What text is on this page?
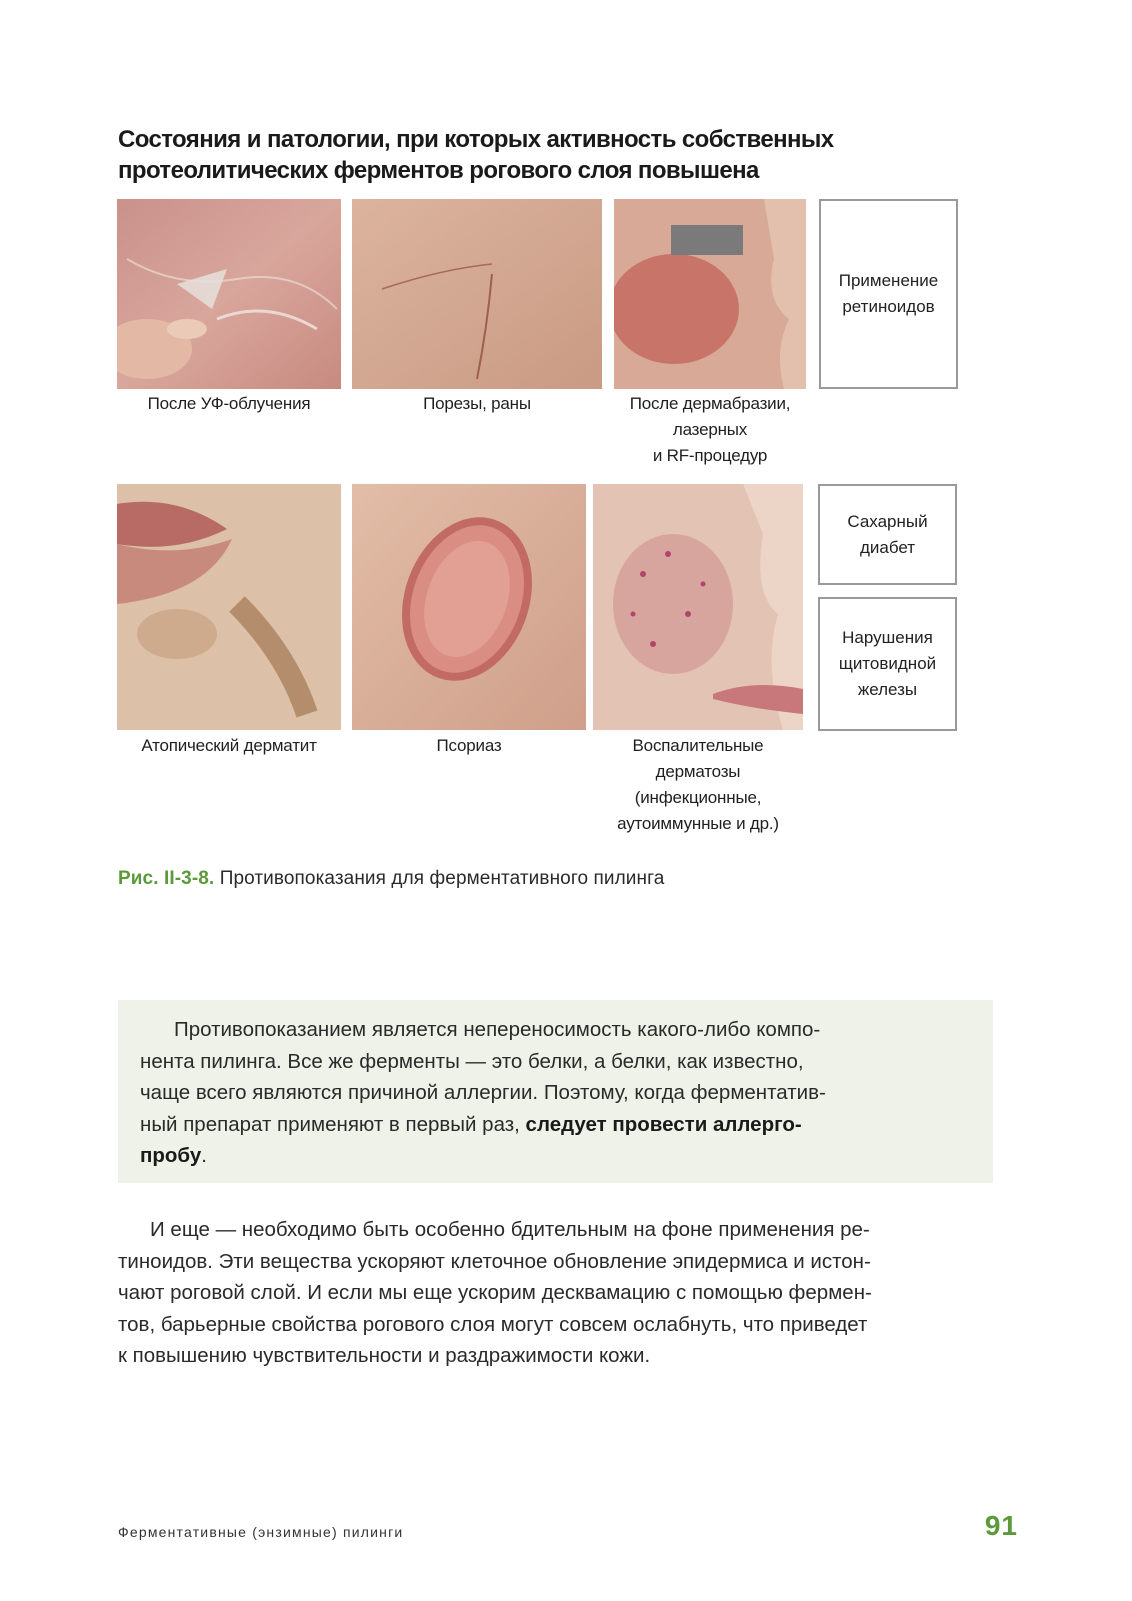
Состояния и патологии, при которых активность собственных
протеолитических ферментов рогового слоя повышена
Применение
ретиноидов
После УФ-облучения	Порезы, раны	После дермабразии,
лазерных
и RF-процедур
Сахарный
диабет
Нарушения
щитовидной
железы
Атопический дерматит	Псориаз	Воспалительные
дерматозы
(инфекционные,
аутоиммунные и др.)
Рис. II-3-8. Противопоказания для ферментативного пилинга
Противопоказанием является непереносимость какого-либо компо-
нента пилинга. Все же ферменты — это белки, а белки, как известно,
чаще всего являются причиной аллергии. Поэтому, когда ферментатив-
ный препарат применяют в первый раз, следует провести аллерго-
пробу.
И еще — необходимо быть особенно бдительным на фоне применения ре-
тиноидов. Эти вещества ускоряют клеточное обновление эпидермиса и истон-
чают роговой слой. И если мы еще ускорим десквамацию с помощью фермен-
тов, барьерные свойства рогового слоя могут совсем ослабнуть, что приведет
к повышению чувствительности и раздражимости кожи.
Ферментативные (энзимные) пилинги	91
